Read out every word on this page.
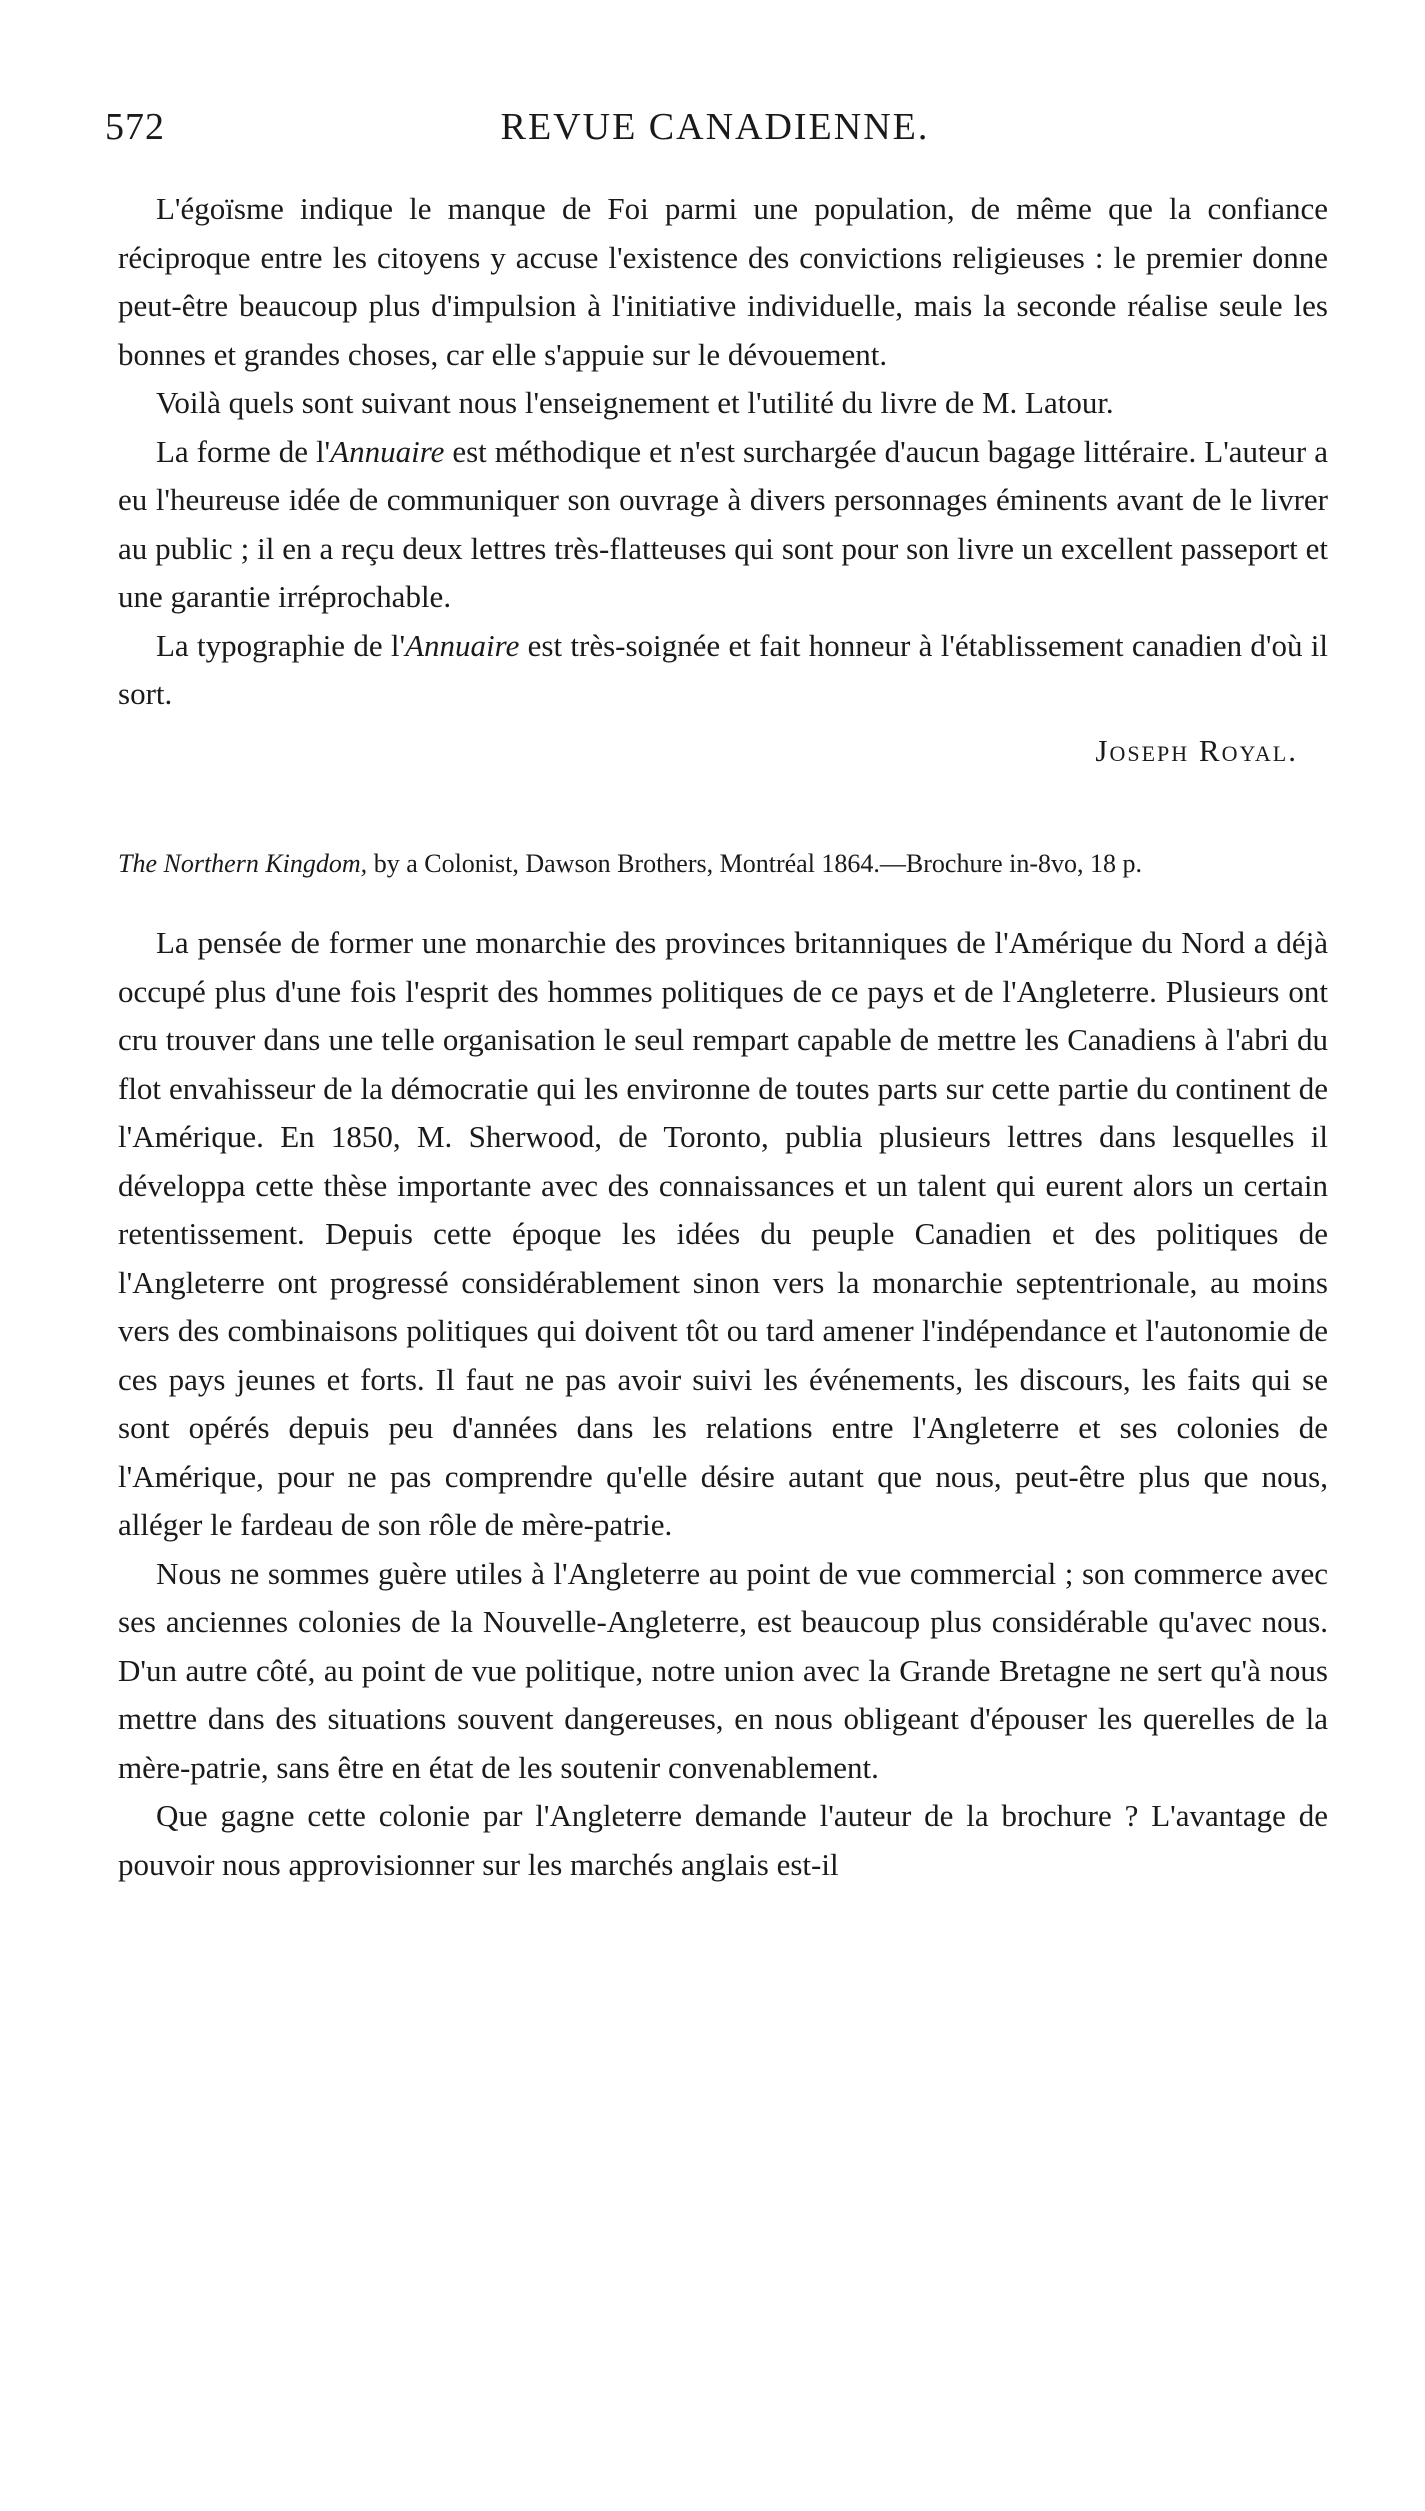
572	REVUE CANADIENNE.

L'égoïsme indique le manque de Foi parmi une population, de même que la confiance réciproque entre les citoyens y accuse l'existence des convictions religieuses : le premier donne peut-être beaucoup plus d'impulsion à l'initiative individuelle, mais la seconde réalise seule les bonnes et grandes choses, car elle s'appuie sur le dévouement.

Voilà quels sont suivant nous l'enseignement et l'utilité du livre de M. Latour.

La forme de l'Annuaire est méthodique et n'est surchargée d'aucun bagage littéraire. L'auteur a eu l'heureuse idée de communiquer son ouvrage à divers personnages éminents avant de le livrer au public ; il en a reçu deux lettres très-flatteuses qui sont pour son livre un excellent passeport et une garantie irréprochable.

La typographie de l'Annuaire est très-soignée et fait honneur à l'établissement canadien d'où il sort.

Joseph Royal.
The Northern Kingdom, by a Colonist, Dawson Brothers, Montréal 1864.—Brochure in-8vo, 18 p.

La pensée de former une monarchie des provinces britanniques de l'Amérique du Nord a déjà occupé plus d'une fois l'esprit des hommes politiques de ce pays et de l'Angleterre. Plusieurs ont cru trouver dans une telle organisation le seul rempart capable de mettre les Canadiens à l'abri du flot envahisseur de la démocratie qui les environne de toutes parts sur cette partie du continent de l'Amérique. En 1850, M. Sherwood, de Toronto, publia plusieurs lettres dans lesquelles il développa cette thèse importante avec des connaissances et un talent qui eurent alors un certain retentissement. Depuis cette époque les idées du peuple Canadien et des politiques de l'Angleterre ont progressé considérablement sinon vers la monarchie septentrionale, au moins vers des combinaisons politiques qui doivent tôt ou tard amener l'indépendance et l'autonomie de ces pays jeunes et forts. Il faut ne pas avoir suivi les événements, les discours, les faits qui se sont opérés depuis peu d'années dans les relations entre l'Angleterre et ses colonies de l'Amérique, pour ne pas comprendre qu'elle désire autant que nous, peut-être plus que nous, alléger le fardeau de son rôle de mère-patrie.

Nous ne sommes guère utiles à l'Angleterre au point de vue commercial ; son commerce avec ses anciennes colonies de la Nouvelle-Angleterre, est beaucoup plus considérable qu'avec nous. D'un autre côté, au point de vue politique, notre union avec la Grande Bretagne ne sert qu'à nous mettre dans des situations souvent dangereuses, en nous obligeant d'épouser les querelles de la mère-patrie, sans être en état de les soutenir convenablement.

Que gagne cette colonie par l'Angleterre demande l'auteur de la brochure ? L'avantage de pouvoir nous approvisionner sur les marchés anglais est-il
